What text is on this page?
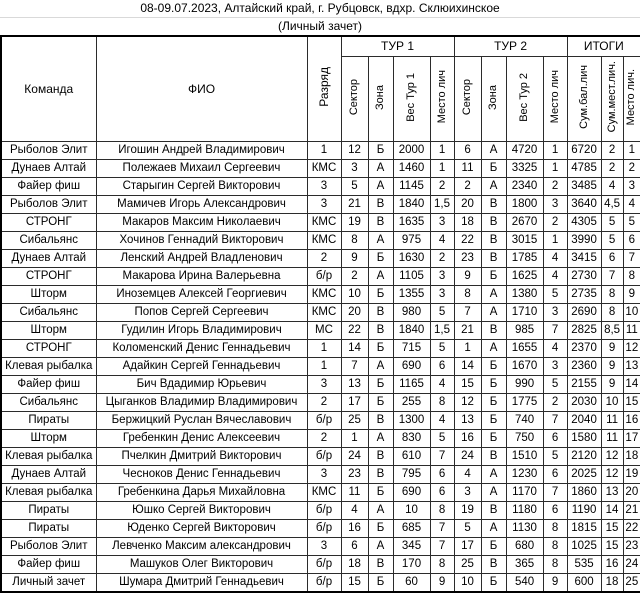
08-09.07.2023, Алтайский край, г. Рубцовск, вдхр. Склюихинское
(Личный зачет)
Команда	ФИО	Разряд	ТУР 1				ТУР 2				ИТОГИ		
			Сектор	Зона	Вес Тур 1	Место лич	Сектор	Зона	Вес Тур 2	Место лич	Сум.бал.лич	Сум.мест.лич.	Место лич.
Рыболов Элит	Игошин Андрей Владимирович	1	12	Б	2000	1	6	А	4720	1	6720	2	1
Дунаев Алтай	Полежаев Михаил Сергеевич	КМС	3	А	1460	1	11	Б	3325	1	4785	2	2
Файер фиш	Старыгин Сергей Викторович	3	5	А	1145	2	2	А	2340	2	3485	4	3
Рыболов Элит	Мамичев Игорь Александрович	3	21	В	1840	1,5	20	В	1800	3	3640	4,5	4
СТРОНГ	Макаров Максим Николаевич	КМС	19	В	1635	3	18	В	2670	2	4305	5	5
Сибальянс	Хочинов Геннадий Викторович	КМС	8	А	975	4	22	В	3015	1	3990	5	6
Дунаев Алтай	Ленский Андрей Владленович	2	9	Б	1630	2	23	В	1785	4	3415	6	7
СТРОНГ	Макарова Ирина Валерьевна	б/р	2	А	1105	3	9	Б	1625	4	2730	7	8
Шторм	Иноземцев Алексей Георгиевич	КМС	10	Б	1355	3	8	А	1380	5	2735	8	9
Сибальянс	Попов Сергей Сергеевич	КМС	20	В	980	5	7	А	1710	3	2690	8	10
Шторм	Гудилин Игорь Владимирович	МС	22	В	1840	1,5	21	В	985	7	2825	8,5	11
СТРОНГ	Коломенский Денис Геннадьевич	1	14	Б	715	5	1	А	1655	4	2370	9	12
Клевая рыбалка	Адайкин Сергей Геннадьевич	1	7	А	690	6	14	Б	1670	3	2360	9	13
Файер фиш	Бич Вдадимир Юрьевич	3	13	Б	1165	4	15	Б	990	5	2155	9	14
Сибальянс	Цыганков Владимир Владимирович	2	17	Б	255	8	12	Б	1775	2	2030	10	15
Пираты	Бержицкий Руслан Вячеславович	б/р	25	В	1300	4	13	Б	740	7	2040	11	16
Шторм	Гребенкин Денис Алексеевич	2	1	А	830	5	16	Б	750	6	1580	11	17
Клевая рыбалка	Пчелкин Дмитрий Викторович	б/р	24	В	610	7	24	В	1510	5	2120	12	18
Дунаев Алтай	Чесноков Денис Геннадьевич	3	23	В	795	6	4	А	1230	6	2025	12	19
Клевая рыбалка	Гребенкина Дарья Михайловна	КМС	11	Б	690	6	3	А	1170	7	1860	13	20
Пираты	Юшко Сергей Викторович	б/р	4	А	10	8	19	В	1180	6	1190	14	21
Пираты	Юденко Сергей Викторович	б/р	16	Б	685	7	5	А	1130	8	1815	15	22
Рыболов Элит	Левченко Максим александрович	3	6	А	345	7	17	Б	680	8	1025	15	23
Файер фиш	Машуков Олег Викторович	б/р	18	В	170	8	25	В	365	8	535	16	24
Личный зачет	Шумара Дмитрий Геннадьевич	б/р	15	Б	60	9	10	Б	540	9	600	18	25
